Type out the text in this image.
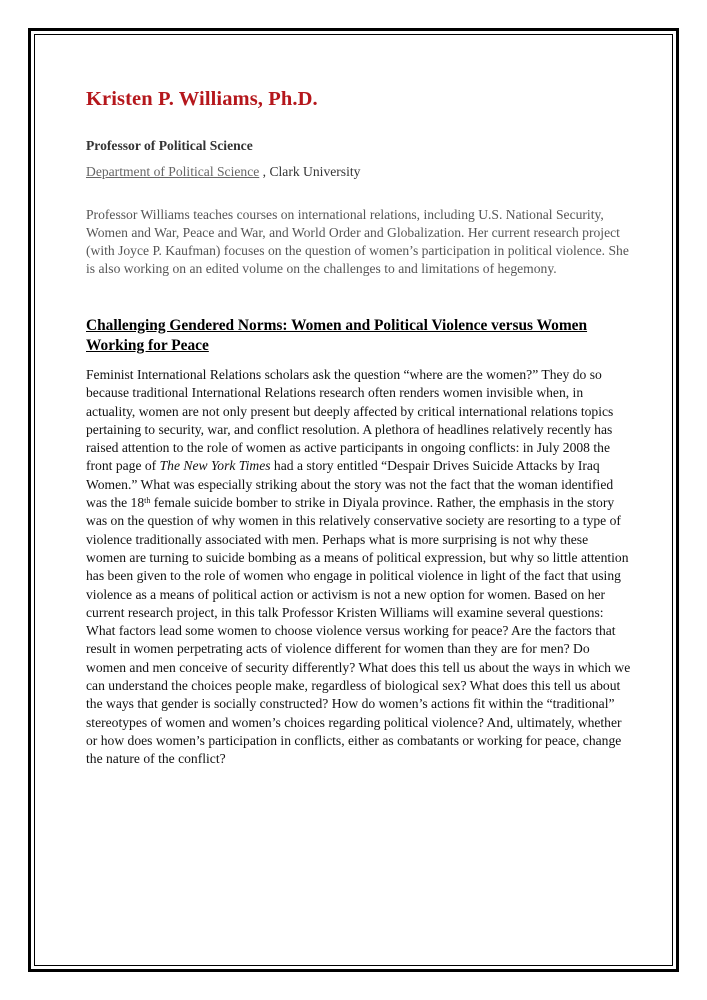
Kristen P. Williams, Ph.D.
Professor of Political Science
Department of Political Science , Clark University

Professor Williams teaches courses on international relations, including U.S. National Security, Women and War, Peace and War, and World Order and Globalization. Her current research project (with Joyce P. Kaufman) focuses on the question of women’s participation in political violence. She is also working on an edited volume on the challenges to and limitations of hegemony.

Challenging Gendered Norms: Women and Political Violence versus Women Working for Peace

Feminist International Relations scholars ask the question “where are the women?” They do so because traditional International Relations research often renders women invisible when, in actuality, women are not only present but deeply affected by critical international relations topics pertaining to security, war, and conflict resolution. A plethora of headlines relatively recently has raised attention to the role of women as active participants in ongoing conflicts: in July 2008 the front page of The New York Times had a story entitled “Despair Drives Suicide Attacks by Iraq Women.” What was especially striking about the story was not the fact that the woman identified was the 18th female suicide bomber to strike in Diyala province. Rather, the emphasis in the story was on the question of why women in this relatively conservative society are resorting to a type of violence traditionally associated with men. Perhaps what is more surprising is not why these women are turning to suicide bombing as a means of political expression, but why so little attention has been given to the role of women who engage in political violence in light of the fact that using violence as a means of political action or activism is not a new option for women. Based on her current research project, in this talk Professor Kristen Williams will examine several questions: What factors lead some women to choose violence versus working for peace? Are the factors that result in women perpetrating acts of violence different for women than they are for men? Do women and men conceive of security differently? What does this tell us about the ways in which we can understand the choices people make, regardless of biological sex? What does this tell us about the ways that gender is socially constructed? How do women’s actions fit within the “traditional” stereotypes of women and women’s choices regarding political violence? And, ultimately, whether or how does women’s participation in conflicts, either as combatants or working for peace, change the nature of the conflict?
